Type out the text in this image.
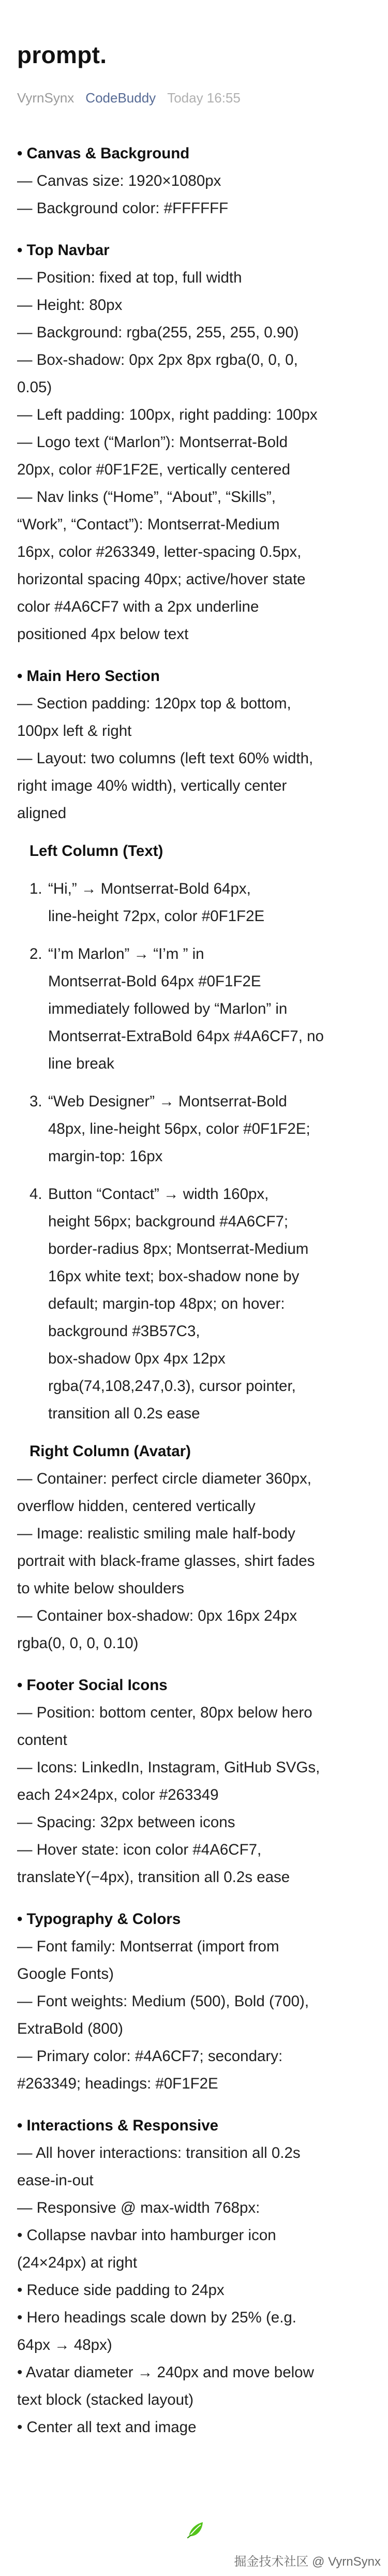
prompt.
VyrnSynx CodeBuddy Today 16:55
• Canvas & Background
— Canvas size: 1920×1080px
— Background color: #FFFFFF
• Top Navbar
— Position: fixed at top, full width
— Height: 80px
— Background: rgba(255, 255, 255, 0.90)
— Box-shadow: 0px 2px 8px rgba(0, 0, 0,
0.05)
— Left padding: 100px, right padding: 100px
— Logo text (“Marlon”): Montserrat-Bold
20px, color #0F1F2E, vertically centered
— Nav links (“Home”, “About”, “Skills”,
“Work”, “Contact”): Montserrat-Medium
16px, color #263349, letter-spacing 0.5px,
horizontal spacing 40px; active/hover state
color #4A6CF7 with a 2px underline
positioned 4px below text
• Main Hero Section
— Section padding: 120px top & bottom,
100px left & right
— Layout: two columns (left text 60% width,
right image 40% width), vertically center
aligned
Left Column (Text)
1. “Hi,” → Montserrat-Bold 64px,
line-height 72px, color #0F1F2E
2. “I’m Marlon” → “I’m ” in
Montserrat-Bold 64px #0F1F2E
immediately followed by “Marlon” in
Montserrat-ExtraBold 64px #4A6CF7, no
line break
3. “Web Designer” → Montserrat-Bold
48px, line-height 56px, color #0F1F2E;
margin-top: 16px
4. Button “Contact” → width 160px,
height 56px; background #4A6CF7;
border-radius 8px; Montserrat-Medium
16px white text; box-shadow none by
default; margin-top 48px; on hover:
background #3B57C3,
box-shadow 0px 4px 12px
rgba(74,108,247,0.3), cursor pointer,
transition all 0.2s ease
Right Column (Avatar)
— Container: perfect circle diameter 360px,
overflow hidden, centered vertically
— Image: realistic smiling male half-body
portrait with black-frame glasses, shirt fades
to white below shoulders
— Container box-shadow: 0px 16px 24px
rgba(0, 0, 0, 0.10)
• Footer Social Icons
— Position: bottom center, 80px below hero
content
— Icons: LinkedIn, Instagram, GitHub SVGs,
each 24×24px, color #263349
— Spacing: 32px between icons
— Hover state: icon color #4A6CF7,
translateY(−4px), transition all 0.2s ease
• Typography & Colors
— Font family: Montserrat (import from
Google Fonts)
— Font weights: Medium (500), Bold (700),
ExtraBold (800)
— Primary color: #4A6CF7; secondary:
#263349; headings: #0F1F2E
• Interactions & Responsive
— All hover interactions: transition all 0.2s
ease-in-out
— Responsive @ max-width 768px:
• Collapse navbar into hamburger icon
(24×24px) at right
• Reduce side padding to 24px
• Hero headings scale down by 25% (e.g.
64px → 48px)
• Avatar diameter → 240px and move below
text block (stacked layout)
• Center all text and image
掘金技术社区 @ VyrnSynx
